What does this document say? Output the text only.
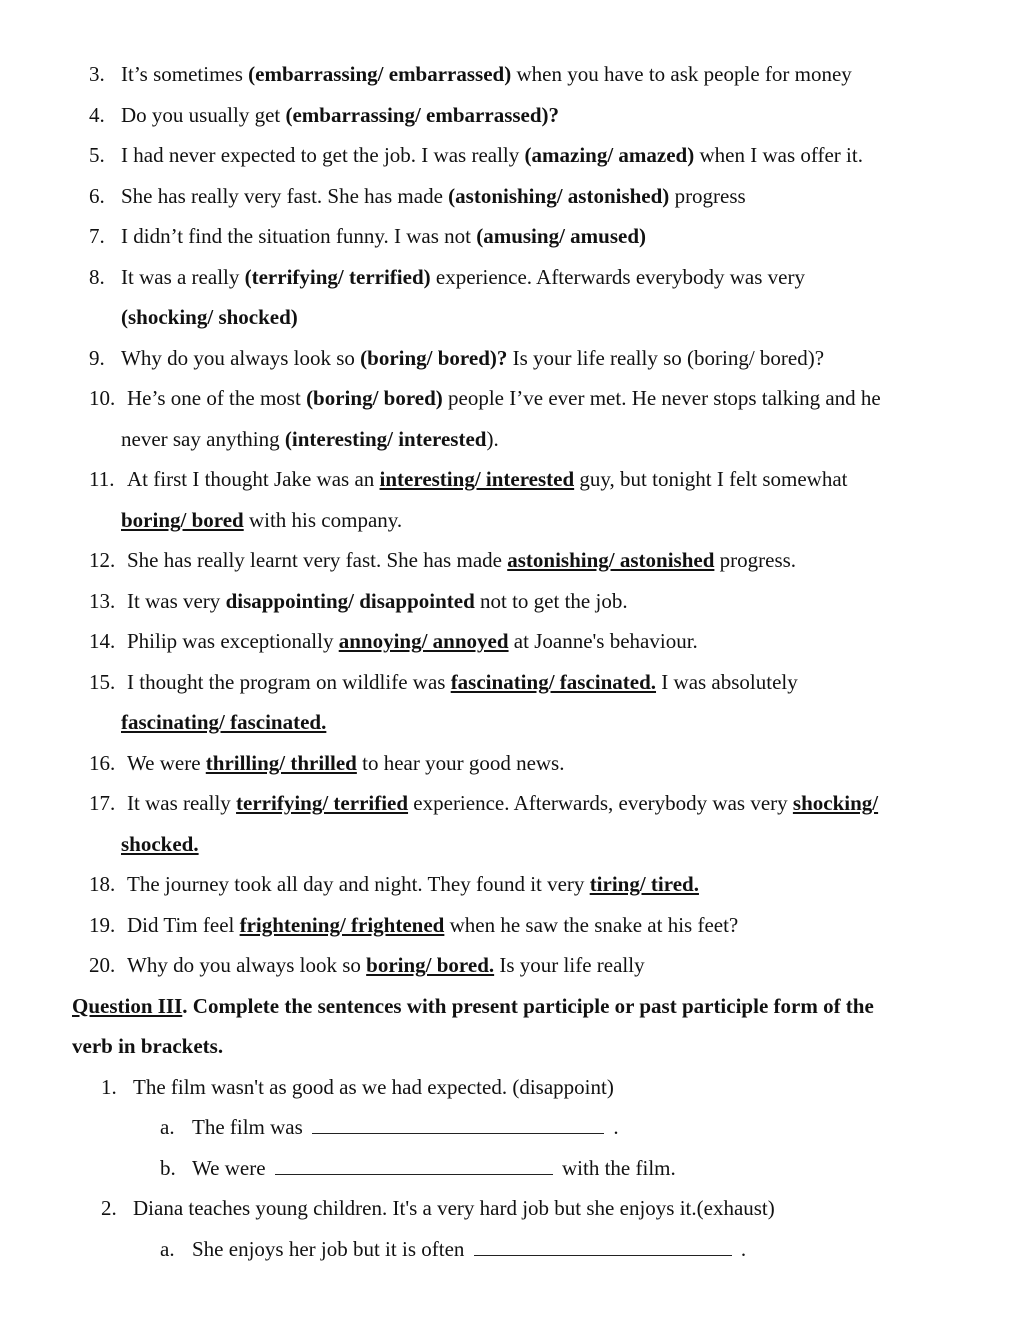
3. It’s sometimes (embarrassing/ embarrassed) when you have to ask people for money
4. Do you usually get (embarrassing/ embarrassed)?
5. I had never expected to get the job. I was really (amazing/ amazed) when I was offer it.
6. She has really very fast. She has made (astonishing/ astonished) progress
7. I didn’t find the situation funny. I was not (amusing/ amused)
8. It was a really (terrifying/ terrified) experience. Afterwards everybody was very
(shocking/ shocked)
9. Why do you always look so (boring/ bored)? Is your life really so (boring/ bored)?
10. He’s one of the most (boring/ bored) people I’ve ever met. He never stops talking and he
never say anything (interesting/ interested).
11. At first I thought Jake was an interesting/ interested guy, but tonight I felt somewhat
boring/ bored with his company.
12. She has really learnt very fast. She has made astonishing/ astonished progress.
13. It was very disappointing/ disappointed not to get the job.
14. Philip was exceptionally annoying/ annoyed at Joanne's behaviour.
15. I thought the program on wildlife was fascinating/ fascinated. I was absolutely
fascinating/ fascinated.
16. We were thrilling/ thrilled to hear your good news.
17. It was really terrifying/ terrified experience. Afterwards, everybody was very shocking/
shocked.
18. The journey took all day and night. They found it very tiring/ tired.
19. Did Tim feel frightening/ frightened when he saw the snake at his feet?
20. Why do you always look so boring/ bored. Is your life really
Question III. Complete the sentences with present participle or past participle form of the
verb in brackets.
1. The film wasn't as good as we had expected. (disappoint)
a. The film was	.
b. We were	with the film.
2. Diana teaches young children. It's a very hard job but she enjoys it.(exhaust)
a. She enjoys her job but it is often	.
